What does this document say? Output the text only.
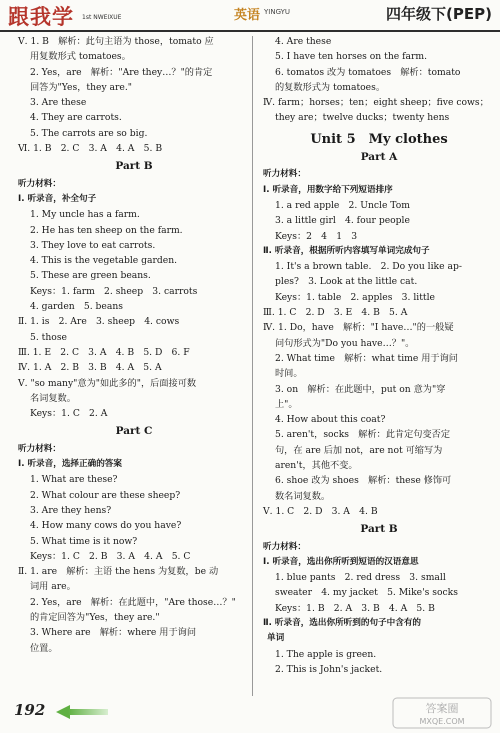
跟我学 1st NWEIXUE	英语 YINGYU	四年级下(PEP)
Ⅴ. 1. B　解析：此句主语为 those，tomato 应
用复数形式 tomatoes。
2. Yes，are　解析："Are they…？"的肯定
回答为"Yes，they are."
3. Are these
4. They are carrots.
5. The carrots are so big.
Ⅵ. 1. B　2. C　3. A　4. A　5. B
Part B
听力材料：
Ⅰ. 听录音，补全句子
1. My uncle has a farm.
2. He has ten sheep on the farm.
3. They love to eat carrots.
4. This is the vegetable garden.
5. These are green beans.
Keys：1. farm　2. sheep　3. carrots
4. garden　5. beans
Ⅱ. 1. is　2. Are　3. sheep　4. cows
5. those
Ⅲ. 1. E　2. C　3. A　4. B　5. D　6. F
Ⅳ. 1. A　2. B　3. B　4. A　5. A
Ⅴ. "so many"意为"如此多的"，后面接可数
名词复数。
Keys：1. C　2. A
Part C
听力材料：
Ⅰ. 听录音，选择正确的答案
1. What are these?
2. What colour are these sheep?
3. Are they hens?
4. How many cows do you have?
5. What time is it now?
Keys：1. C　2. B　3. A　4. A　5. C
Ⅱ. 1. are　解析：主语 the hens 为复数，be 动
词用 are。
2. Yes，are　解析：在此题中，"Are those…？"
的肯定回答为"Yes，they are."
3. Where are　解析：where 用于询问
位置。
4. Are these
5. I have ten horses on the farm.
6. tomatos 改为 tomatoes　解析：tomato
的复数形式为 tomatoes。
Ⅳ. farm；horses；ten；eight sheep；five cows；
they are；twelve ducks；twenty hens
Unit 5　My clothes
Part A
听力材料：
Ⅰ. 听录音，用数字给下列短语排序
1. a red apple　2. Uncle Tom
3. a little girl　4. four people
Keys：2　4　1　3
Ⅱ. 听录音，根据所听内容填写单词完成句子
1. It's a brown table.　2. Do you like ap-
ples?　3. Look at the little cat.
Keys：1. table　2. apples　3. little
Ⅲ. 1. C　2. D　3. E　4. B　5. A
Ⅳ. 1. Do，have　解析："I have…"的一般疑
问句形式为"Do you have…？"。
2. What time　解析：what time 用于询问
时间。
3. on　解析：在此题中，put on 意为"穿
上"。
4. How about this coat?
5. aren't，socks　解析：此肯定句变否定
句，在 are 后加 not，are not 可缩写为
aren't，其他不变。
6. shoe 改为 shoes　解析：these 修饰可
数名词复数。
Ⅴ. 1. C　2. D　3. A　4. B
Part B
听力材料：
Ⅰ. 听录音，选出你所听到短语的汉语意思
1. blue pants　2. red dress　3. small
sweater　4. my jacket　5. Mike's socks
Keys：1. B　2. A　3. B　4. A　5. B
Ⅱ. 听录音，选出你所听到的句子中含有的
单词
1. The apple is green.
2. This is John's jacket.
192	答案圈 MXQE.COM
